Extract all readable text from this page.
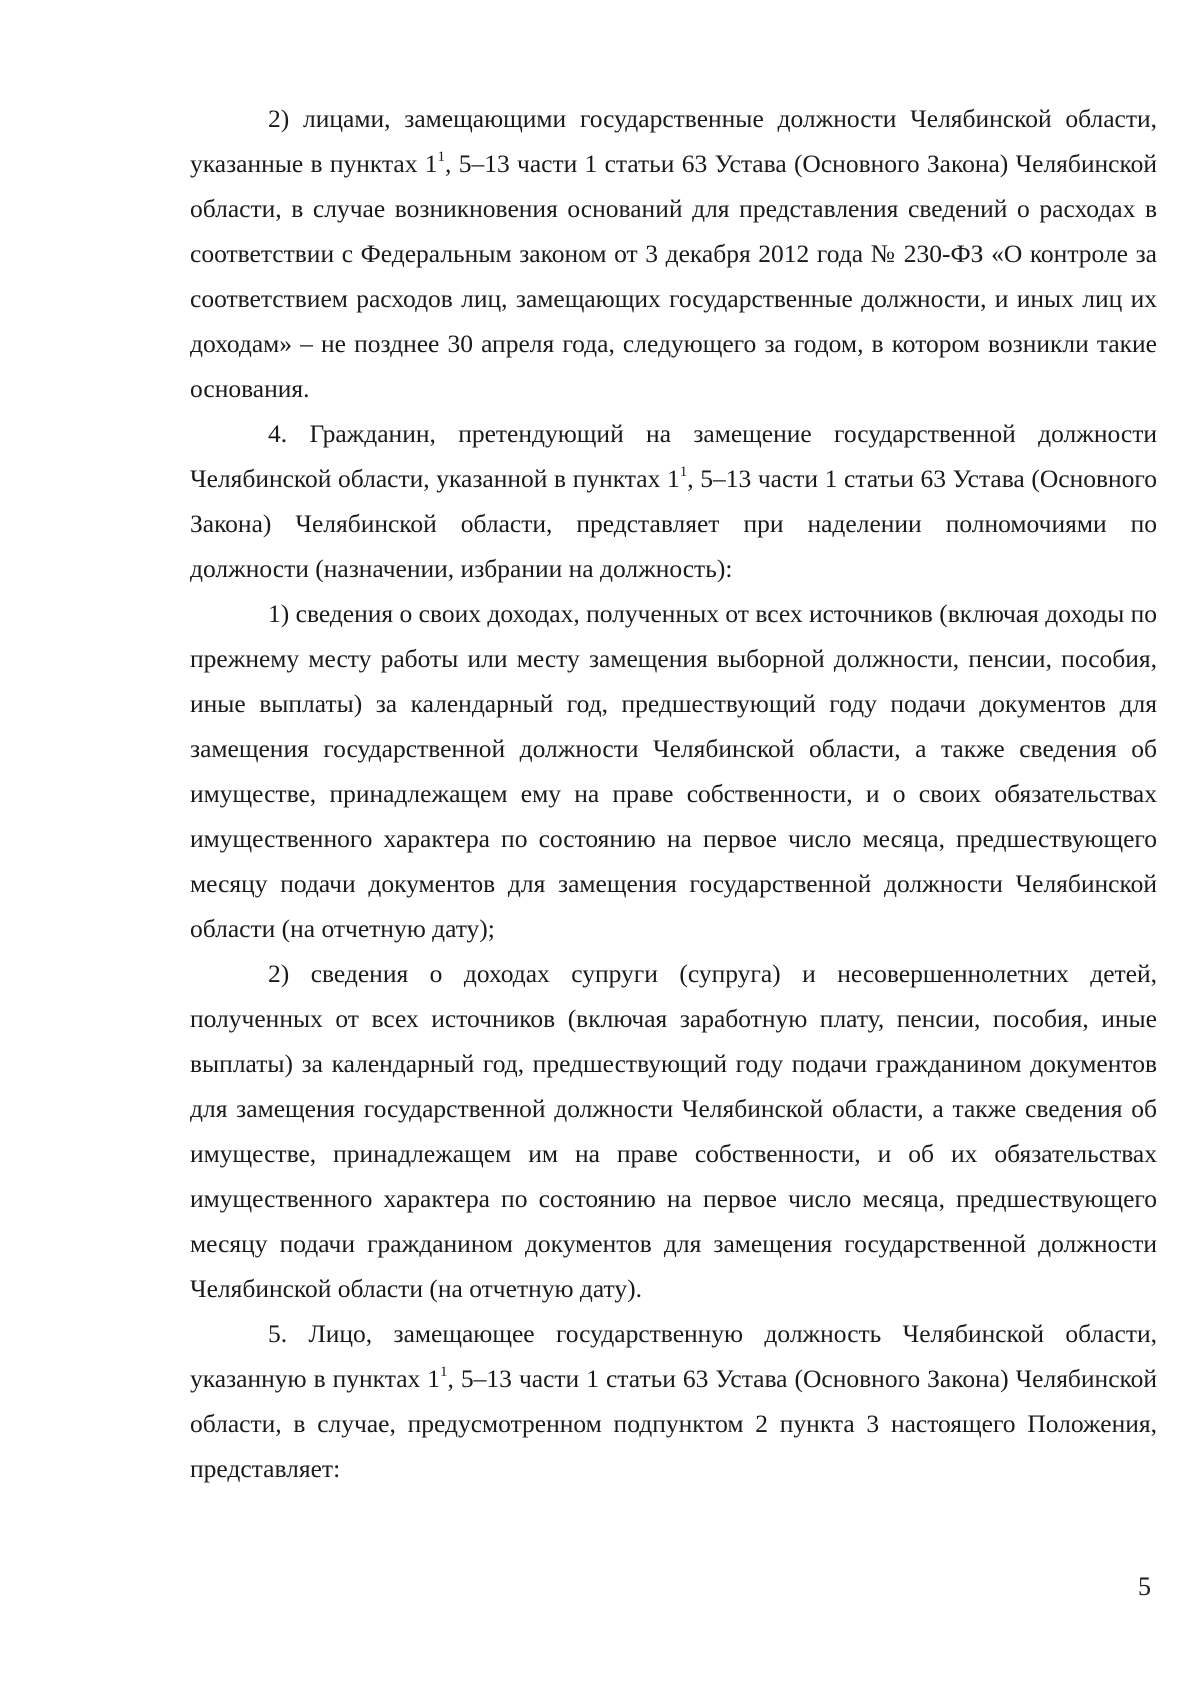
2) лицами, замещающими государственные должности Челябинской области, указанные в пунктах $1^1$, 5–13 части 1 статьи 63 Устава (Основного Закона) Челябинской области, в случае возникновения оснований для представления сведений о расходах в соответствии с Федеральным законом от 3 декабря 2012 года № 230-ФЗ «О контроле за соответствием расходов лиц, замещающих государственные должности, и иных лиц их доходам» – не позднее 30 апреля года, следующего за годом, в котором возникли такие основания.

4. Гражданин, претендующий на замещение государственной должности Челябинской области, указанной в пунктах $1^1$, 5–13 части 1 статьи 63 Устава (Основного Закона) Челябинской области, представляет при наделении полномочиями по должности (назначении, избрании на должность):

1) сведения о своих доходах, полученных от всех источников (включая доходы по прежнему месту работы или месту замещения выборной должности, пенсии, пособия, иные выплаты) за календарный год, предшествующий году подачи документов для замещения государственной должности Челябинской области, а также сведения об имуществе, принадлежащем ему на праве собственности, и о своих обязательствах имущественного характера по состоянию на первое число месяца, предшествующего месяцу подачи документов для замещения государственной должности Челябинской области (на отчетную дату);

2) сведения о доходах супруги (супруга) и несовершеннолетних детей, полученных от всех источников (включая заработную плату, пенсии, пособия, иные выплаты) за календарный год, предшествующий году подачи гражданином документов для замещения государственной должности Челябинской области, а также сведения об имуществе, принадлежащем им на праве собственности, и об их обязательствах имущественного характера по состоянию на первое число месяца, предшествующего месяцу подачи гражданином документов для замещения государственной должности Челябинской области (на отчетную дату).

5. Лицо, замещающее государственную должность Челябинской области, указанную в пунктах $1^1$, 5–13 части 1 статьи 63 Устава (Основного Закона) Челябинской области, в случае, предусмотренном подпунктом 2 пункта 3 настоящего Положения, представляет:

5
